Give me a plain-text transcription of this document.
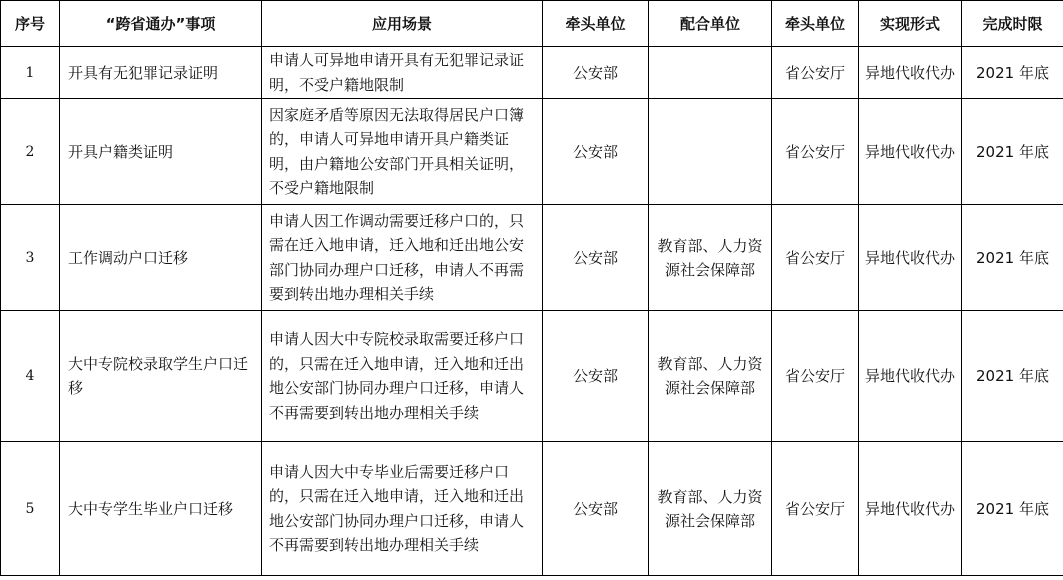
序号	“跨省通办”事项	应用场景	牵头单位	配合单位	牵头单位	实现形式	完成时限
1	开具有无犯罪记录证明	申请人可异地申请开具有无犯罪记录证明，不受户籍地限制	公安部		省公安厅	异地代收代办	2021 年底
2	开具户籍类证明	因家庭矛盾等原因无法取得居民户口簿的，申请人可异地申请开具户籍类证明，由户籍地公安部门开具相关证明，不受户籍地限制	公安部		省公安厅	异地代收代办	2021 年底
3	工作调动户口迁移	申请人因工作调动需要迁移户口的，只需在迁入地申请，迁入地和迁出地公安部门协同办理户口迁移，申请人不再需要到转出地办理相关手续	公安部	教育部、人力资源社会保障部	省公安厅	异地代收代办	2021 年底
4	大中专院校录取学生户口迁移	申请人因大中专院校录取需要迁移户口的，只需在迁入地申请，迁入地和迁出地公安部门协同办理户口迁移，申请人不再需要到转出地办理相关手续	公安部	教育部、人力资源社会保障部	省公安厅	异地代收代办	2021 年底
5	大中专学生毕业户口迁移	申请人因大中专毕业后需要迁移户口的，只需在迁入地申请，迁入地和迁出地公安部门协同办理户口迁移，申请人不再需要到转出地办理相关手续	公安部	教育部、人力资源社会保障部	省公安厅	异地代收代办	2021 年底
